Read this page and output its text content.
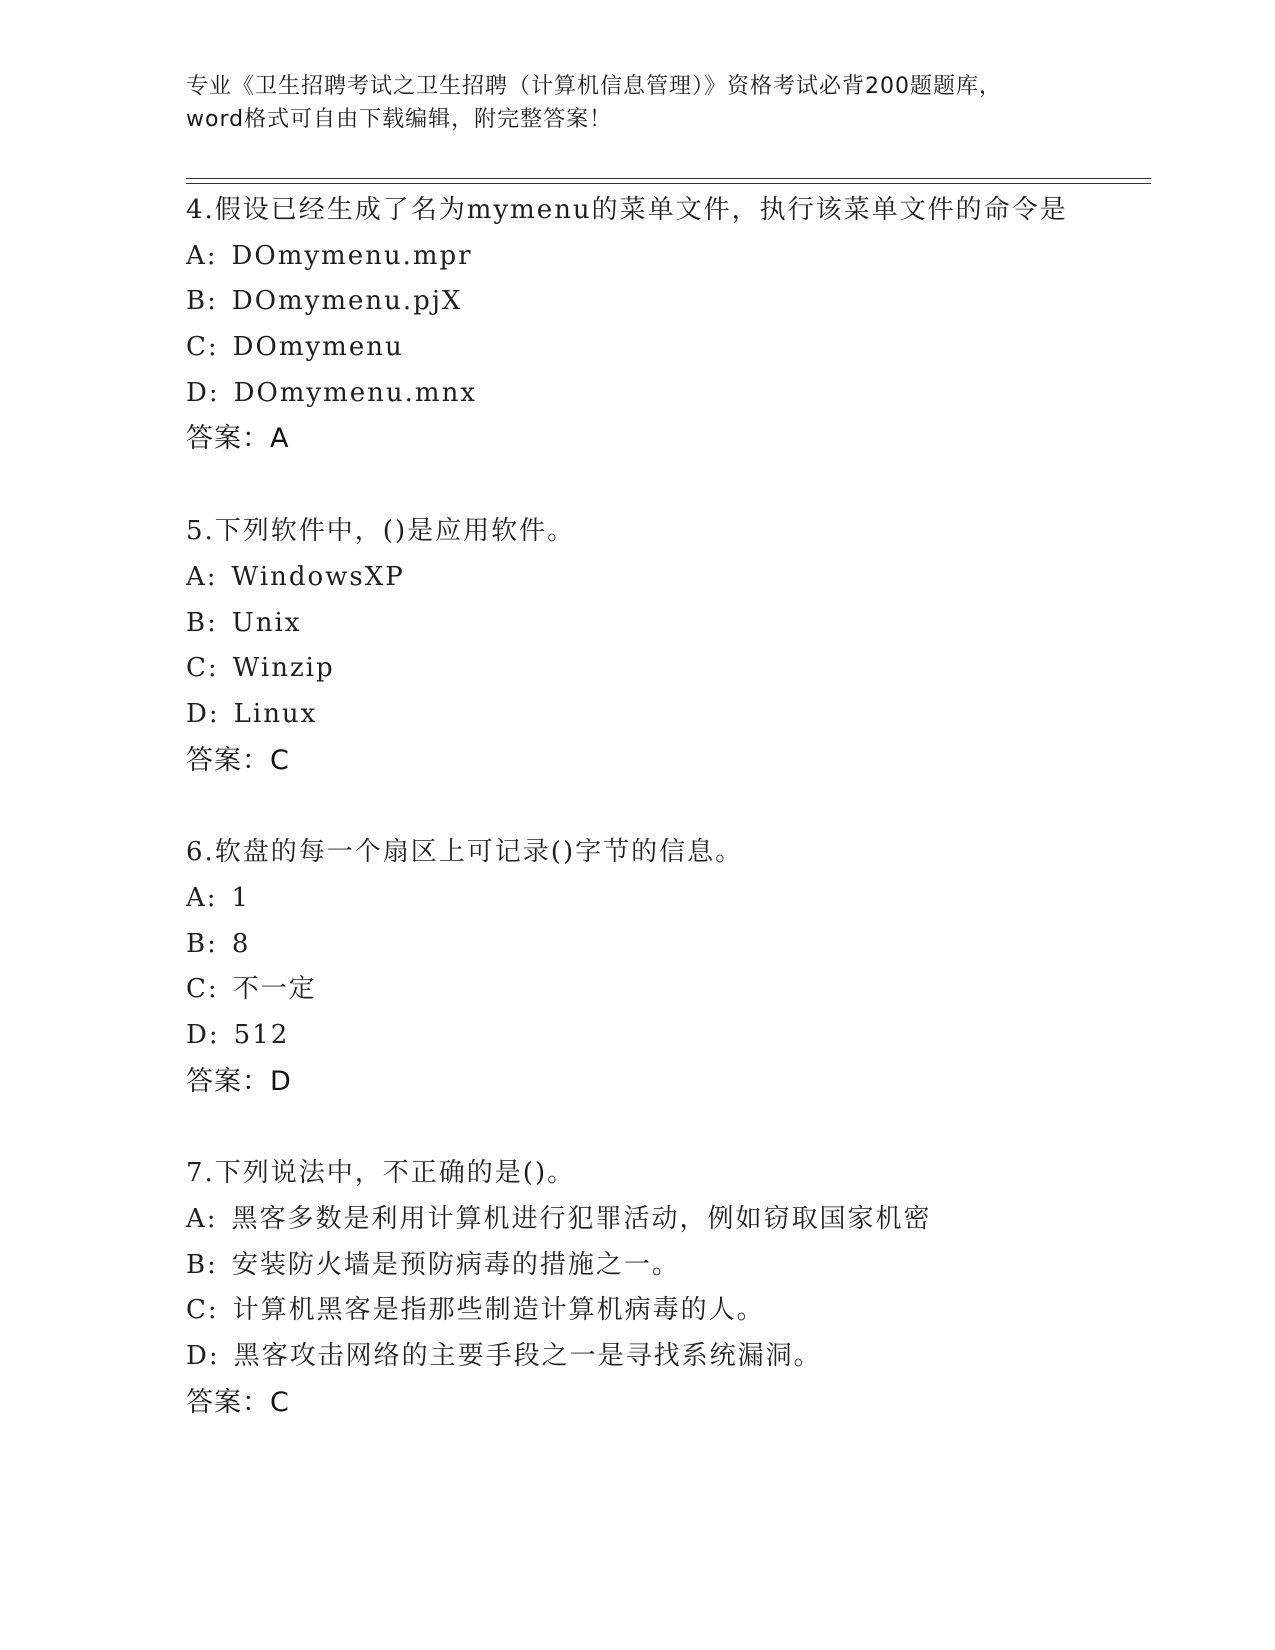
专业《卫生招聘考试之卫生招聘（计算机信息管理）》资格考试必背200题题库，
word格式可自由下载编辑，附完整答案！
4.假设已经生成了名为mymenu的菜单文件，执行该菜单文件的命令是
A: DOmymenu.mpr
B: DOmymenu.pjX
C: DOmymenu
D: DOmymenu.mnx
答案：A
5.下列软件中，()是应用软件。
A: WindowsXP
B: Unix
C: Winzip
D: Linux
答案：C
6.软盘的每一个扇区上可记录()字节的信息。
A: 1
B: 8
C: 不一定
D: 512
答案：D
7.下列说法中，不正确的是()。
A: 黑客多数是利用计算机进行犯罪活动，例如窃取国家机密
B: 安装防火墙是预防病毒的措施之一。
C: 计算机黑客是指那些制造计算机病毒的人。
D: 黑客攻击网络的主要手段之一是寻找系统漏洞。
答案：C
